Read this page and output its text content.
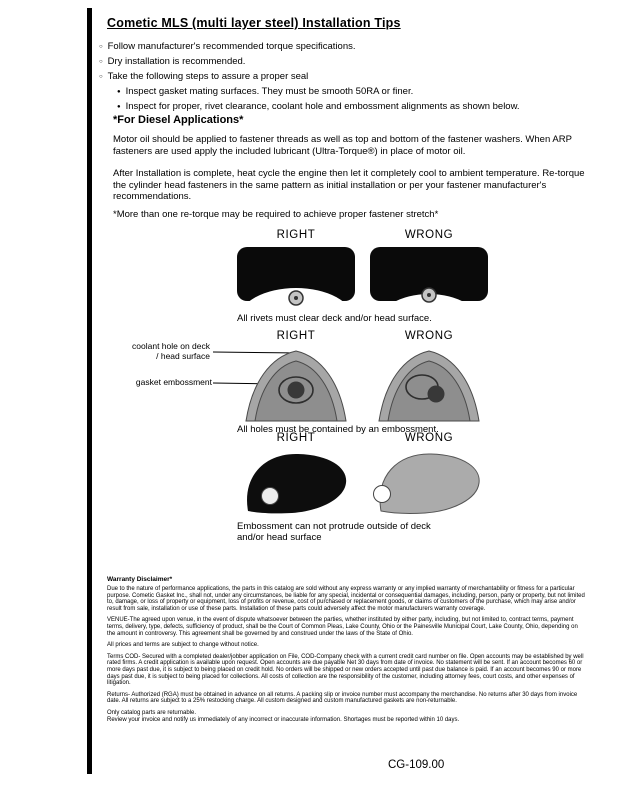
Cometic MLS (multi layer steel) Installation Tips
○
Follow manufacturer's recommended torque specifications.
○
Dry installation is recommended.
○
Take the following steps to assure a proper seal
●
Inspect gasket mating surfaces. They must be smooth 50RA or finer.
●
Inspect for proper, rivet clearance, coolant hole and embossment alignments as shown below.
*For Diesel Applications*
Motor oil should be applied to fastener threads as well as top and bottom of the fastener washers. When ARP fasteners are used apply the included lubricant (Ultra-Torque®) in place of motor oil.
After Installation is complete, heat cycle the engine then let it completely cool to ambient temperature. Re-torque the cylinder head fasteners in the same pattern as initial installation or per your fastener manufacturer's recommendations.
*More than one re-torque may be required to achieve proper fastener stretch*
RIGHT	WRONG
All rivets must clear deck and/or head surface.
RIGHT	WRONG
coolant hole on deck / head surface
gasket embossment
All holes must be contained by an embossment.
RIGHT	WRONG
Embossment can not protrude outside of deck and/or head surface
Warranty Disclaimer*

Due to the nature of performance applications, the parts in this catalog are sold without any express warranty or any implied warranty of merchantability or fitness for a particular purpose. Cometic Gasket Inc., shall not, under any circumstances, be liable for any special, incidental or consequential damages, including, person, party or property, but not limited to, damage, or loss of property or equipment, loss of profits or revenue, cost of purchased or replacement goods, or claims of customers of the purchase, which may arise and/or result from sale, installation or use of these parts. Installation of these parts could adversely affect the motor manufacturers warranty coverage.

VENUE-The agreed upon venue, in the event of dispute whatsoever between the parties, whether instituted by either party, including, but not limited to, contract terms, payment terms, delivery, type, defects, sufficiency of product, shall be the Court of Common Pleas, Lake County, Ohio or the Painesville Municipal Court, Lake County, Ohio, depending on the amount in controversy. This agreement shall be governed by and construed under the laws of the State of Ohio.

All prices and terms are subject to change without notice.

Terms COD- Secured with a completed dealer/jobber application on File, COD-Company check with a current credit card number on file. Open accounts may be established by well rated firms. A credit application is available upon request. Open accounts are due payable Net 30 days from date of invoice. No statement will be sent. If an account becomes 60 or more days past due, it is subject to being placed on credit hold. No orders will be shipped or new orders accepted until past due balance is paid. If an account becomes 90 or more days past due, it is subject to being placed for collections. All costs of collection are the responsibility of the customer, including attorney fees, court costs, and other expenses of litigation.

Returns- Authorized (RGA) must be obtained in advance on all returns. A packing slip or invoice number must accompany the merchandise. No returns after 30 days from invoice date. All returns are subject to a 25% restocking charge. All custom designed and custom manufactured gaskets are non-returnable.

Only catalog parts are returnable.

Review your invoice and notify us immediately of any incorrect or inaccurate information. Shortages must be reported within 10 days.

CG-109.00
